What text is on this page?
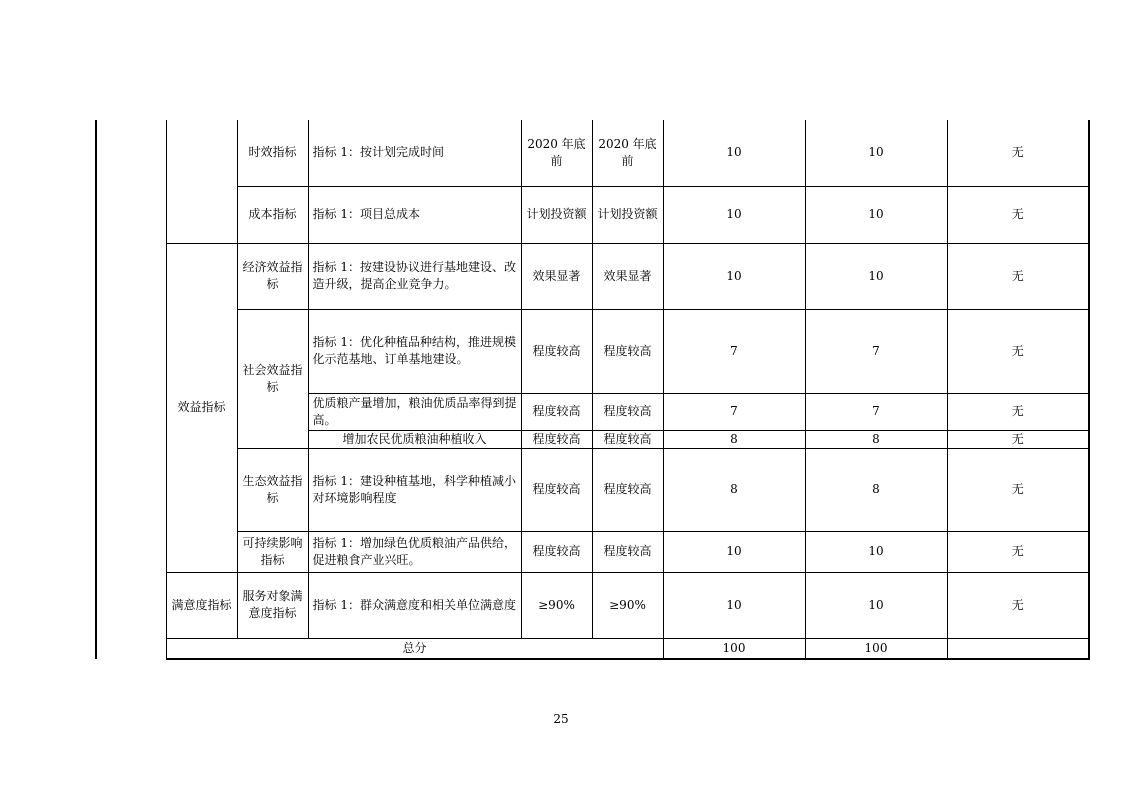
		时效指标	指标 1：按计划完成时间	2020 年底前	2020 年底前	10	10	无
		成本指标	指标 1：项目总成本	计划投资额	计划投资额	10	10	无
	效益指标	经济效益指标	指标 1：按建设协议进行基地建设、改造升级，提高企业竞争力。	效果显著	效果显著	10	10	无
		社会效益指标	指标 1：优化种植品种结构，推进规模化示范基地、订单基地建设。	程度较高	程度较高	7	7	无
			优质粮产量增加，粮油优质品率得到提高。	程度较高	程度较高	7	7	无
			增加农民优质粮油种植收入	程度较高	程度较高	8	8	无
		生态效益指标	指标 1：建设种植基地，科学种植减小对环境影响程度	程度较高	程度较高	8	8	无
		可持续影响指标	指标 1：增加绿色优质粮油产品供给，促进粮食产业兴旺。	程度较高	程度较高	10	10	无
	满意度指标	服务对象满意度指标	指标 1：群众满意度和相关单位满意度	≥90%	≥90%	10	10	无
	总分					100	100	
25
